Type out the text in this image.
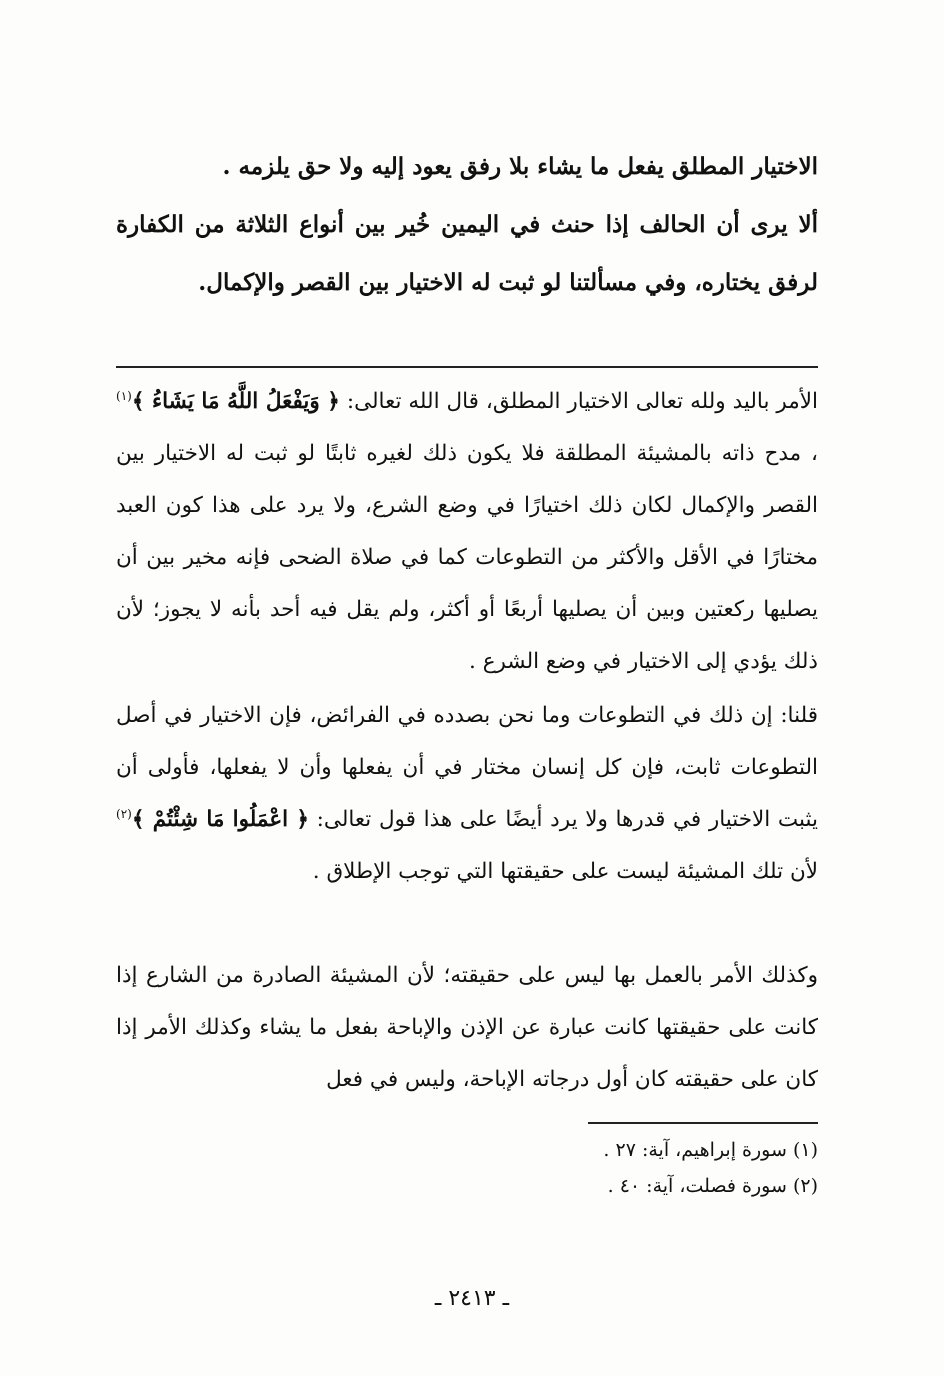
الاختيار المطلق يفعل ما يشاء بلا رفق يعود إليه ولا حق يلزمه .

ألا يرى أن الحالف إذا حنث في اليمين خُير بين أنواع الثلاثة من الكفارة لرفق يختاره، وفي مسألتنا لو ثبت له الاختيار بين القصر والإكمال.

الأمر باليد ولله تعالى الاختيار المطلق، قال الله تعالى: ﴿ وَيَفْعَلُ اللَّهُ مَا يَشَاءُ ﴾$^{(١)}$ ، مدح ذاته بالمشيئة المطلقة فلا يكون ذلك لغيره ثابتًا لو ثبت له الاختيار بين القصر والإكمال لكان ذلك اختيارًا في وضع الشرع، ولا يرد على هذا كون العبد مختارًا في الأقل والأكثر من التطوعات كما في صلاة الضحى فإنه مخير بين أن يصليها ركعتين وبين أن يصليها أربعًا أو أكثر، ولم يقل فيه أحد بأنه لا يجوز؛ لأن ذلك يؤدي إلى الاختيار في وضع الشرع .

قلنا: إن ذلك في التطوعات وما نحن بصدده في الفرائض، فإن الاختيار في أصل التطوعات ثابت، فإن كل إنسان مختار في أن يفعلها وأن لا يفعلها، فأولى أن يثبت الاختيار في قدرها ولا يرد أيضًا على هذا قول تعالى: ﴿ اعْمَلُوا مَا شِئْتُمْ ﴾$^{(٢)}$ لأن تلك المشيئة ليست على حقيقتها التي توجب الإطلاق .

وكذلك الأمر بالعمل بها ليس على حقيقته؛ لأن المشيئة الصادرة من الشارع إذا كانت على حقيقتها كانت عبارة عن الإذن والإباحة بفعل ما يشاء وكذلك الأمر إذا كان على حقيقته كان أول درجاته الإباحة، وليس في فعل

(١) سورة إبراهيم، آية: ٢٧ .

(٢) سورة فصلت، آية: ٤٠ .

ـ ٢٤١٣ ـ
